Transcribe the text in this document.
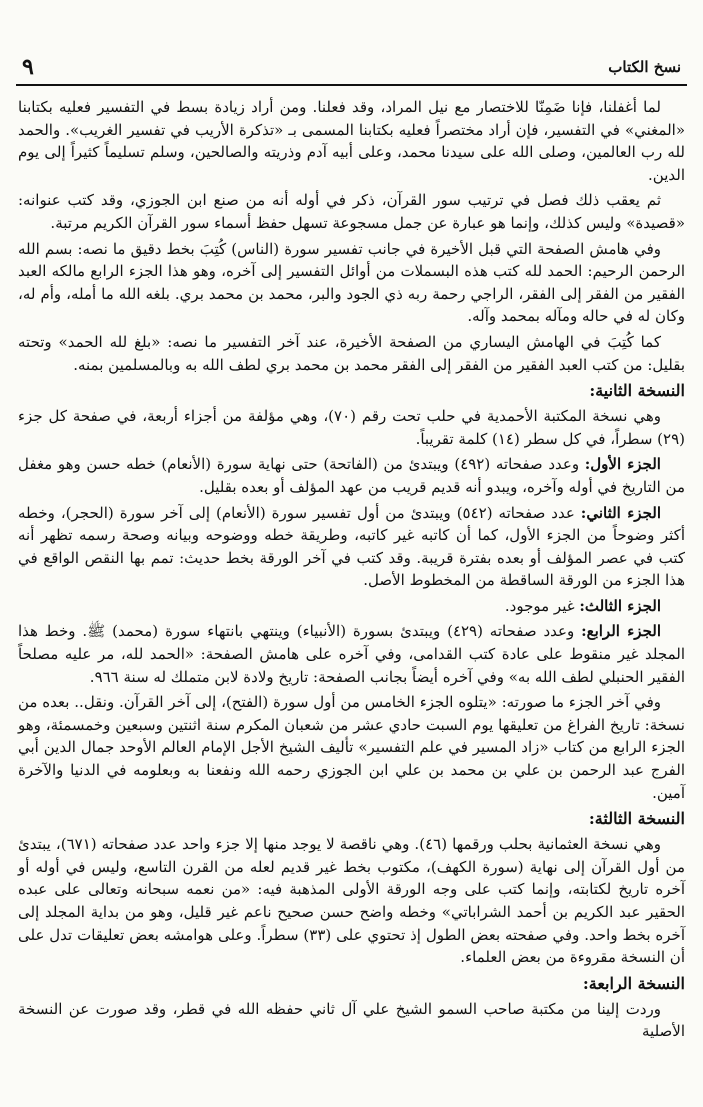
نسخ الكتاب
٩

لما أغفلنا، فإنا ضَمِنّا للاختصار مع نيل المراد، وقد فعلنا. ومن أراد زيادة بسط في التفسير فعليه بكتابنا «المغني» في التفسير، فإن أراد مختصراً فعليه بكتابنا المسمى بـ «تذكرة الأريب في تفسير الغريب». والحمد لله رب العالمين، وصلى الله على سيدنا محمد، وعلى أبيه آدم وذريته والصالحين، وسلم تسليماً كثيراً إلى يوم الدين.

ثم يعقب ذلك فصل في ترتيب سور القرآن، ذكر في أوله أنه من صنع ابن الجوزي، وقد كتب عنوانه: «قصيدة» وليس كذلك، وإنما هو عبارة عن جمل مسجوعة تسهل حفظ أسماء سور القرآن الكريم مرتبة.

وفي هامش الصفحة التي قبل الأخيرة في جانب تفسير سورة (الناس) كُتِبَ بخط دقيق ما نصه: بسم الله الرحمن الرحيم: الحمد لله كتب هذه البسملات من أوائل التفسير إلى آخره، وهو هذا الجزء الرابع مالكه العبد الفقير من الفقر إلى الفقر، الراجي رحمة ربه ذي الجود والبر، محمد بن محمد بري. بلغه الله ما أمله، وأم له، وكان له في حاله ومآله بمحمد وآله.

كما كُتِبَ في الهامش اليساري من الصفحة الأخيرة، عند آخر التفسير ما نصه: «بلغ لله الحمد» وتحته بقليل: من كتب العبد الفقير من الفقر إلى الفقر محمد بن محمد بري لطف الله به وبالمسلمين بمنه.

النسخة الثانية:

وهي نسخة المكتبة الأحمدية في حلب تحت رقم (٧٠)، وهي مؤلفة من أجزاء أربعة، في صفحة كل جزء (٢٩) سطراً، في كل سطر (١٤) كلمة تقريباً.

الجزء الأول: وعدد صفحاته (٤٩٢) ويبتدئ من (الفاتحة) حتى نهاية سورة (الأنعام) خطه حسن وهو مغفل من التاريخ في أوله وآخره، ويبدو أنه قديم قريب من عهد المؤلف أو بعده بقليل.

الجزء الثاني: عدد صفحاته (٥٤٢) ويبتدئ من أول تفسير سورة (الأنعام) إلى آخر سورة (الحجر)، وخطه أكثر وضوحاً من الجزء الأول، كما أن كاتبه غير كاتبه، وطريقة خطه ووضوحه وبيانه وصحة رسمه تظهر أنه كتب في عصر المؤلف أو بعده بفترة قريبة. وقد كتب في آخر الورقة بخط حديث: تمم بها النقص الواقع في هذا الجزء من الورقة الساقطة من المخطوط الأصل.

الجزء الثالث: غير موجود.

الجزء الرابع: وعدد صفحاته (٤٢٩) ويبتدئ بسورة (الأنبياء) وينتهي بانتهاء سورة (محمد) ﷺ. وخط هذا المجلد غير منقوط على عادة كتب القدامى، وفي آخره على هامش الصفحة: «الحمد لله، مر عليه مصلحاً الفقير الحنبلي لطف الله به» وفي آخره أيضاً بجانب الصفحة: تاريخ ولادة لابن متملك له سنة ٩٦٦.

وفي آخر الجزء ما صورته: «يتلوه الجزء الخامس من أول سورة (الفتح)، إلى آخر القرآن. ونقل.. بعده من نسخة: تاريخ الفراغ من تعليقها يوم السبت حادي عشر من شعبان المكرم سنة اثنتين وسبعين وخمسمئة، وهو الجزء الرابع من كتاب «زاد المسير في علم التفسير» تأليف الشيخ الأجل الإمام العالم الأوحد جمال الدين أبي الفرج عبد الرحمن بن علي بن محمد بن علي ابن الجوزي رحمه الله ونفعنا به وبعلومه في الدنيا والآخرة آمين.

النسخة الثالثة:

وهي نسخة العثمانية بحلب ورقمها (٤٦). وهي ناقصة لا يوجد منها إلا جزء واحد عدد صفحاته (٦٧١)، يبتدئ من أول القرآن إلى نهاية (سورة الكهف)، مكتوب بخط غير قديم لعله من القرن التاسع، وليس في أوله أو آخره تاريخ لكتابته، وإنما كتب على وجه الورقة الأولى المذهبة فيه: «من نعمه سبحانه وتعالى على عبده الحقير عبد الكريم بن أحمد الشراباتي» وخطه واضح حسن صحيح ناعم غير قليل، وهو من بداية المجلد إلى آخره بخط واحد. وفي صفحته بعض الطول إذ تحتوي على (٣٣) سطراً. وعلى هوامشه بعض تعليقات تدل على أن النسخة مقروءة من بعض العلماء.

النسخة الرابعة:

وردت إلينا من مكتبة صاحب السمو الشيخ علي آل ثاني حفظه الله في قطر، وقد صورت عن النسخة الأصلية
